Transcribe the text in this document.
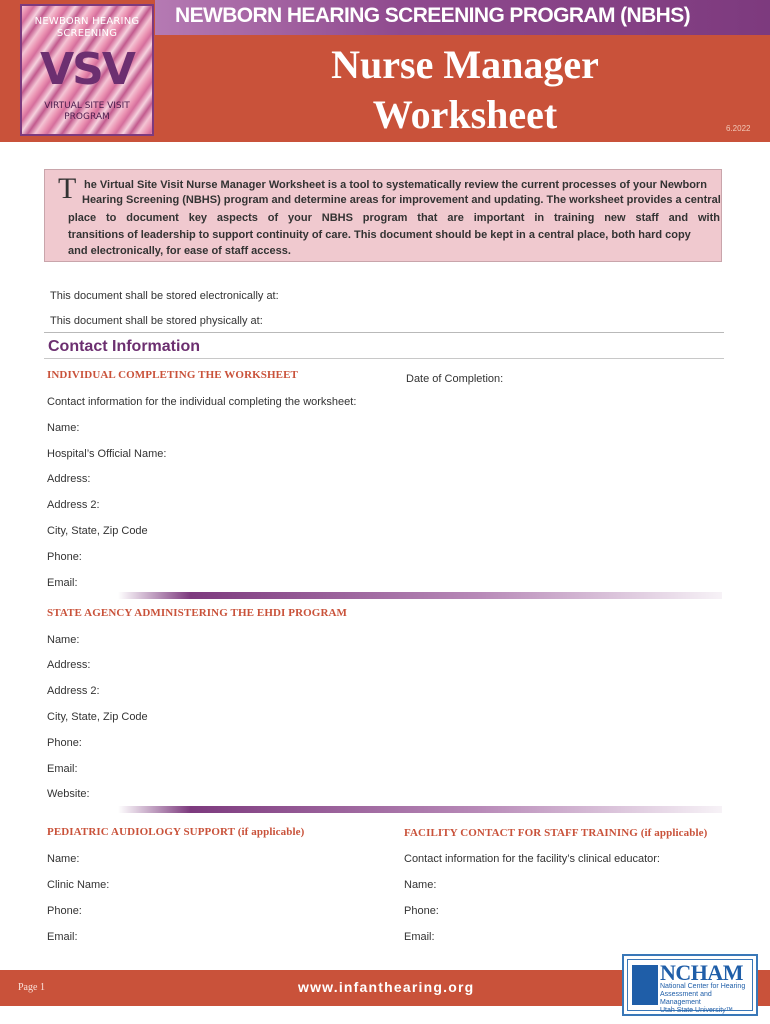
NEWBORN HEARING SCREENING PROGRAM (NBHS)
NEWBORN HEARING
SCREENING
VSV
VIRTUAL SITE VISIT
PROGRAM
Nurse Manager
Worksheet	6.2022
T he Virtual Site Visit Nurse Manager Worksheet is a tool to systematically review the current processes of your Newborn
Hearing Screening (NBHS) program and determine areas for improvement and updating. The worksheet provides a central
place to document key aspects of your NBHS program that are important in training new staff and with
transitions of leadership to support continuity of care. This document should be kept in a central place, both hard copy
and electronically, for ease of staff access.
This document shall be stored electronically at:
This document shall be stored physically at:
Contact Information
INDIVIDUAL COMPLETING THE WORKSHEET	Date of Completion:
Contact information for the individual completing the worksheet:
Name:
Hospital’s Official Name:
Address:
Address 2:
City, State, Zip Code
Phone:
Email:
STATE AGENCY ADMINISTERING THE EHDI PROGRAM
Name:
Address:
Address 2:
City, State, Zip Code
Phone:
Email:
Website:
PEDIATRIC AUDIOLOGY SUPPORT (if applicable)
Name:
Clinic Name:
Phone:
Email:
FACILITY CONTACT FOR STAFF TRAINING (if applicable)
Contact information for the facility’s clinical educator:
Name:
Phone:
Email:
Page 1	www.infanthearing.org
NCHAM
National Center for Hearing
Assessment and Management
Utah State University™
